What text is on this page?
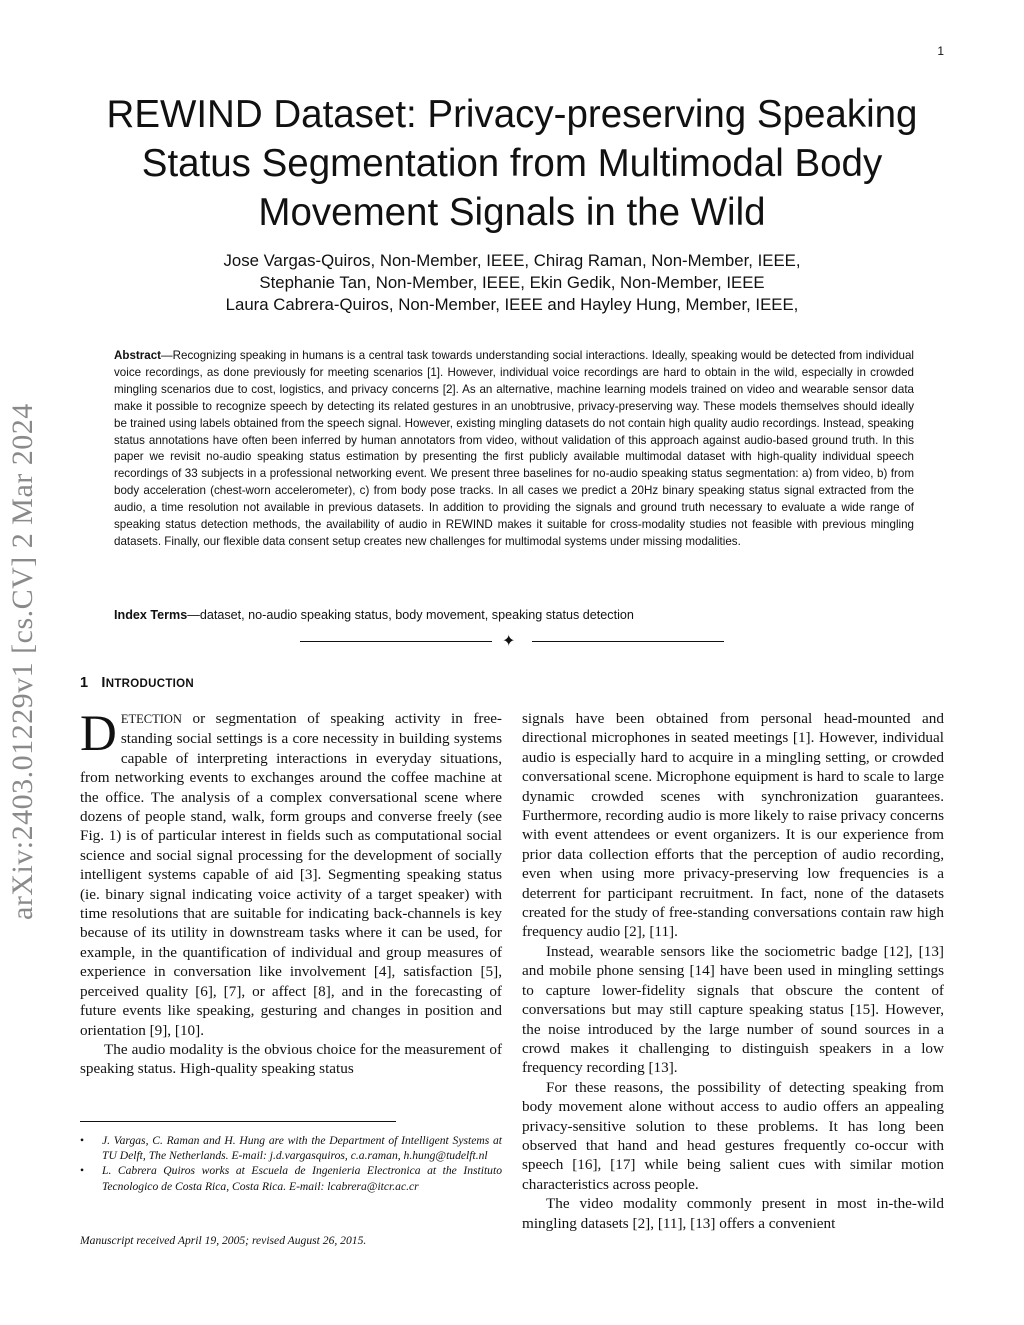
1
arXiv:2403.01229v1 [cs.CV] 2 Mar 2024
REWIND Dataset: Privacy-preserving Speaking Status Segmentation from Multimodal Body Movement Signals in the Wild
Jose Vargas-Quiros, Non-Member, IEEE, Chirag Raman, Non-Member, IEEE,
Stephanie Tan, Non-Member, IEEE, Ekin Gedik, Non-Member, IEEE
Laura Cabrera-Quiros, Non-Member, IEEE and Hayley Hung, Member, IEEE,
Abstract—Recognizing speaking in humans is a central task towards understanding social interactions. Ideally, speaking would be detected from individual voice recordings, as done previously for meeting scenarios [1]. However, individual voice recordings are hard to obtain in the wild, especially in crowded mingling scenarios due to cost, logistics, and privacy concerns [2]. As an alternative, machine learning models trained on video and wearable sensor data make it possible to recognize speech by detecting its related gestures in an unobtrusive, privacy-preserving way. These models themselves should ideally be trained using labels obtained from the speech signal. However, existing mingling datasets do not contain high quality audio recordings. Instead, speaking status annotations have often been inferred by human annotators from video, without validation of this approach against audio-based ground truth. In this paper we revisit no-audio speaking status estimation by presenting the first publicly available multimodal dataset with high-quality individual speech recordings of 33 subjects in a professional networking event. We present three baselines for no-audio speaking status segmentation: a) from video, b) from body acceleration (chest-worn accelerometer), c) from body pose tracks. In all cases we predict a 20Hz binary speaking status signal extracted from the audio, a time resolution not available in previous datasets. In addition to providing the signals and ground truth necessary to evaluate a wide range of speaking status detection methods, the availability of audio in REWIND makes it suitable for cross-modality studies not feasible with previous mingling datasets. Finally, our flexible data consent setup creates new challenges for multimodal systems under missing modalities.
Index Terms—dataset, no-audio speaking status, body movement, speaking status detection
✦
1 INTRODUCTION

DETECTION or segmentation of speaking activity in free-standing social settings is a core necessity in building systems capable of interpreting interactions in everyday situations, from networking events to exchanges around the coffee machine at the office. The analysis of a complex conversational scene where dozens of people stand, walk, form groups and converse freely (see Fig. 1) is of particular interest in fields such as computational social science and social signal processing for the development of socially intelligent systems capable of aid [3]. Segmenting speaking status (ie. binary signal indicating voice activity of a target speaker) with time resolutions that are suitable for indicating back-channels is key because of its utility in downstream tasks where it can be used, for example, in the quantification of individual and group measures of experience in conversation like involvement [4], satisfaction [5], perceived quality [6], [7], or affect [8], and in the forecasting of future events like speaking, gesturing and changes in position and orientation [9], [10].

The audio modality is the obvious choice for the measurement of speaking status. High-quality speaking status

signals have been obtained from personal head-mounted and directional microphones in seated meetings [1]. However, individual audio is especially hard to acquire in a mingling setting, or crowded conversational scene. Microphone equipment is hard to scale to large dynamic crowded scenes with synchronization guarantees. Furthermore, recording audio is more likely to raise privacy concerns with event attendees or event organizers. It is our experience from prior data collection efforts that the perception of audio recording, even when using more privacy-preserving low frequencies is a deterrent for participant recruitment. In fact, none of the datasets created for the study of free-standing conversations contain raw high frequency audio [2], [11].

Instead, wearable sensors like the sociometric badge [12], [13] and mobile phone sensing [14] have been used in mingling settings to capture lower-fidelity signals that obscure the content of conversations but may still capture speaking status [15]. However, the noise introduced by the large number of sound sources in a crowd makes it challenging to distinguish speakers in a low frequency recording [13].

For these reasons, the possibility of detecting speaking from body movement alone without access to audio offers an appealing privacy-sensitive solution to these problems. It has long been observed that hand and head gestures frequently co-occur with speech [16], [17] while being salient cues with similar motion characteristics across people.

The video modality commonly present in most in-the-wild mingling datasets [2], [11], [13] offers a convenient

• J. Vargas, C. Raman and H. Hung are with the Department of Intelligent Systems at TU Delft, The Netherlands. E-mail: j.d.vargasquiros, c.a.raman, h.hung@tudelft.nl
• L. Cabrera Quiros works at Escuela de Ingenieria Electronica at the Instituto Tecnologico de Costa Rica, Costa Rica. E-mail: lcabrera@itcr.ac.cr
Manuscript received April 19, 2005; revised August 26, 2015.
